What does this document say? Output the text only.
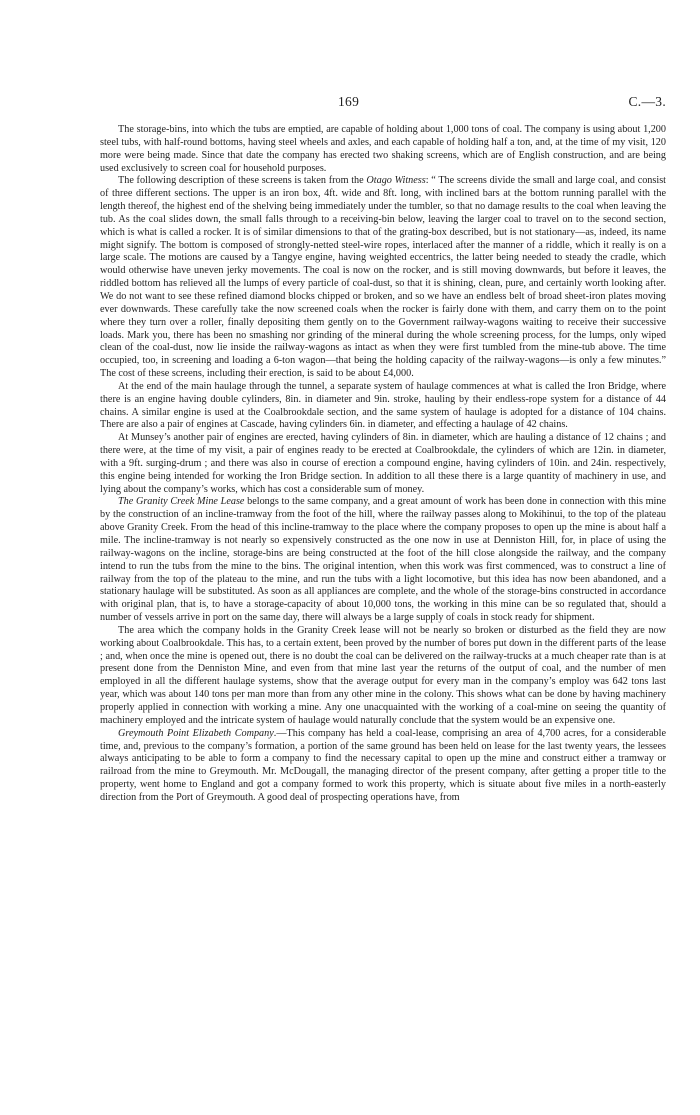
169	C.—3.

The storage-bins, into which the tubs are emptied, are capable of holding about 1,000 tons of coal. The company is using about 1,200 steel tubs, with half-round bottoms, having steel wheels and axles, and each capable of holding half a ton, and, at the time of my visit, 120 more were being made. Since that date the company has erected two shaking screens, which are of English construction, and are being used exclusively to screen coal for household purposes.

The following description of these screens is taken from the Otago Witness: “ The screens divide the small and large coal, and consist of three different sections. The upper is an iron box, 4ft. wide and 8ft. long, with inclined bars at the bottom running parallel with the length thereof, the highest end of the shelving being immediately under the tumbler, so that no damage results to the coal when leaving the tub. As the coal slides down, the small falls through to a receiving-bin below, leaving the larger coal to travel on to the second section, which is what is called a rocker. It is of similar dimensions to that of the grating-box described, but is not stationary—as, indeed, its name might signify. The bottom is composed of strongly-netted steel-wire ropes, interlaced after the manner of a riddle, which it really is on a large scale. The motions are caused by a Tangye engine, having weighted eccentrics, the latter being needed to steady the cradle, which would otherwise have uneven jerky movements. The coal is now on the rocker, and is still moving downwards, but before it leaves, the riddled bottom has relieved all the lumps of every particle of coal-dust, so that it is shining, clean, pure, and certainly worth looking after. We do not want to see these refined diamond blocks chipped or broken, and so we have an endless belt of broad sheet-iron plates moving ever downwards. These carefully take the now screened coals when the rocker is fairly done with them, and carry them on to the point where they turn over a roller, finally depositing them gently on to the Government railway-wagons waiting to receive their successive loads. Mark you, there has been no smashing nor grinding of the mineral during the whole screening process, for the lumps, only wiped clean of the coal-dust, now lie inside the railway-wagons as intact as when they were first tumbled from the mine-tub above. The time occupied, too, in screening and loading a 6-ton wagon—that being the holding capacity of the railway-wagons—is only a few minutes.” The cost of these screens, including their erection, is said to be about £4,000.

At the end of the main haulage through the tunnel, a separate system of haulage commences at what is called the Iron Bridge, where there is an engine having double cylinders, 8in. in diameter and 9in. stroke, hauling by their endless-rope system for a distance of 44 chains. A similar engine is used at the Coalbrookdale section, and the same system of haulage is adopted for a distance of 104 chains. There are also a pair of engines at Cascade, having cylinders 6in. in diameter, and effecting a haulage of 42 chains.

At Munsey’s another pair of engines are erected, having cylinders of 8in. in diameter, which are hauling a distance of 12 chains ; and there were, at the time of my visit, a pair of engines ready to be erected at Coalbrookdale, the cylinders of which are 12in. in diameter, with a 9ft. surging-drum ; and there was also in course of erection a compound engine, having cylinders of 10in. and 24in. respectively, this engine being intended for working the Iron Bridge section. In addition to all these there is a large quantity of machinery in use, and lying about the company’s works, which has cost a considerable sum of money.

The Granity Creek Mine Lease belongs to the same company, and a great amount of work has been done in connection with this mine by the construction of an incline-tramway from the foot of the hill, where the railway passes along to Mokihinui, to the top of the plateau above Granity Creek. From the head of this incline-tramway to the place where the company proposes to open up the mine is about half a mile. The incline-tramway is not nearly so expensively constructed as the one now in use at Denniston Hill, for, in place of using the railway-wagons on the incline, storage-bins are being constructed at the foot of the hill close alongside the railway, and the company intend to run the tubs from the mine to the bins. The original intention, when this work was first commenced, was to construct a line of railway from the top of the plateau to the mine, and run the tubs with a light locomotive, but this idea has now been abandoned, and a stationary haulage will be substituted. As soon as all appliances are complete, and the whole of the storage-bins constructed in accordance with original plan, that is, to have a storage-capacity of about 10,000 tons, the working in this mine can be so regulated that, should a number of vessels arrive in port on the same day, there will always be a large supply of coals in stock ready for shipment.

The area which the company holds in the Granity Creek lease will not be nearly so broken or disturbed as the field they are now working about Coalbrookdale. This has, to a certain extent, been proved by the number of bores put down in the different parts of the lease ; and, when once the mine is opened out, there is no doubt the coal can be delivered on the railway-trucks at a much cheaper rate than is at present done from the Denniston Mine, and even from that mine last year the returns of the output of coal, and the number of men employed in all the different haulage systems, show that the average output for every man in the company’s employ was 642 tons last year, which was about 140 tons per man more than from any other mine in the colony. This shows what can be done by having machinery properly applied in connection with working a mine. Any one unacquainted with the working of a coal-mine on seeing the quantity of machinery employed and the intricate system of haulage would naturally conclude that the system would be an expensive one.

Greymouth Point Elizabeth Company.—This company has held a coal-lease, comprising an area of 4,700 acres, for a considerable time, and, previous to the company’s formation, a portion of the same ground has been held on lease for the last twenty years, the lessees always anticipating to be able to form a company to find the necessary capital to open up the mine and construct either a tramway or railroad from the mine to Greymouth. Mr. McDougall, the managing director of the present company, after getting a proper title to the property, went home to England and got a company formed to work this property, which is situate about five miles in a north-easterly direction from the Port of Greymouth. A good deal of prospecting operations have, from
